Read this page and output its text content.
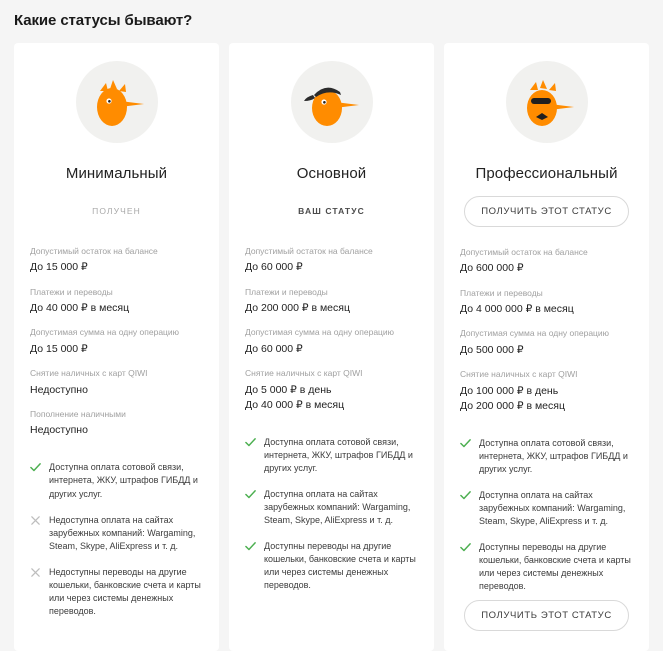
Какие статусы бывают?
Минимальный
ПОЛУЧЕН
Допустимый остаток на балансе
До 15 000 ₽
Платежи и переводы
До 40 000 ₽ в месяц
Допустимая сумма на одну операцию
До 15 000 ₽
Снятие наличных с карт QIWI
Недоступно
Пополнение наличными
Недоступно
Доступна оплата сотовой связи, интернета, ЖКУ, штрафов ГИБДД и других услуг.
Недоступна оплата на сайтах зарубежных компаний: Wargaming, Steam, Skype, AliExpress и т. д.
Недоступны переводы на другие кошельки, банковские счета и карты или через системы денежных переводов.
Основной
ВАШ СТАТУС
Допустимый остаток на балансе
До 60 000 ₽
Платежи и переводы
До 200 000 ₽ в месяц
Допустимая сумма на одну операцию
До 60 000 ₽
Снятие наличных с карт QIWI
До 5 000 ₽ в день
До 40 000 ₽ в месяц
Доступна оплата сотовой связи, интернета, ЖКУ, штрафов ГИБДД и других услуг.
Доступна оплата на сайтах зарубежных компаний: Wargaming, Steam, Skype, AliExpress и т. д.
Доступны переводы на другие кошельки, банковские счета и карты или через системы денежных переводов.
Профессиональный
ПОЛУЧИТЬ ЭТОТ СТАТУС
Допустимый остаток на балансе
До 600 000 ₽
Платежи и переводы
До 4 000 000 ₽ в месяц
Допустимая сумма на одну операцию
До 500 000 ₽
Снятие наличных с карт QIWI
До 100 000 ₽ в день
До 200 000 ₽ в месяц
Доступна оплата сотовой связи, интернета, ЖКУ, штрафов ГИБДД и других услуг.
Доступна оплата на сайтах зарубежных компаний: Wargaming, Steam, Skype, AliExpress и т. д.
Доступны переводы на другие кошельки, банковские счета и карты или через системы денежных переводов.
ПОЛУЧИТЬ ЭТОТ СТАТУС
